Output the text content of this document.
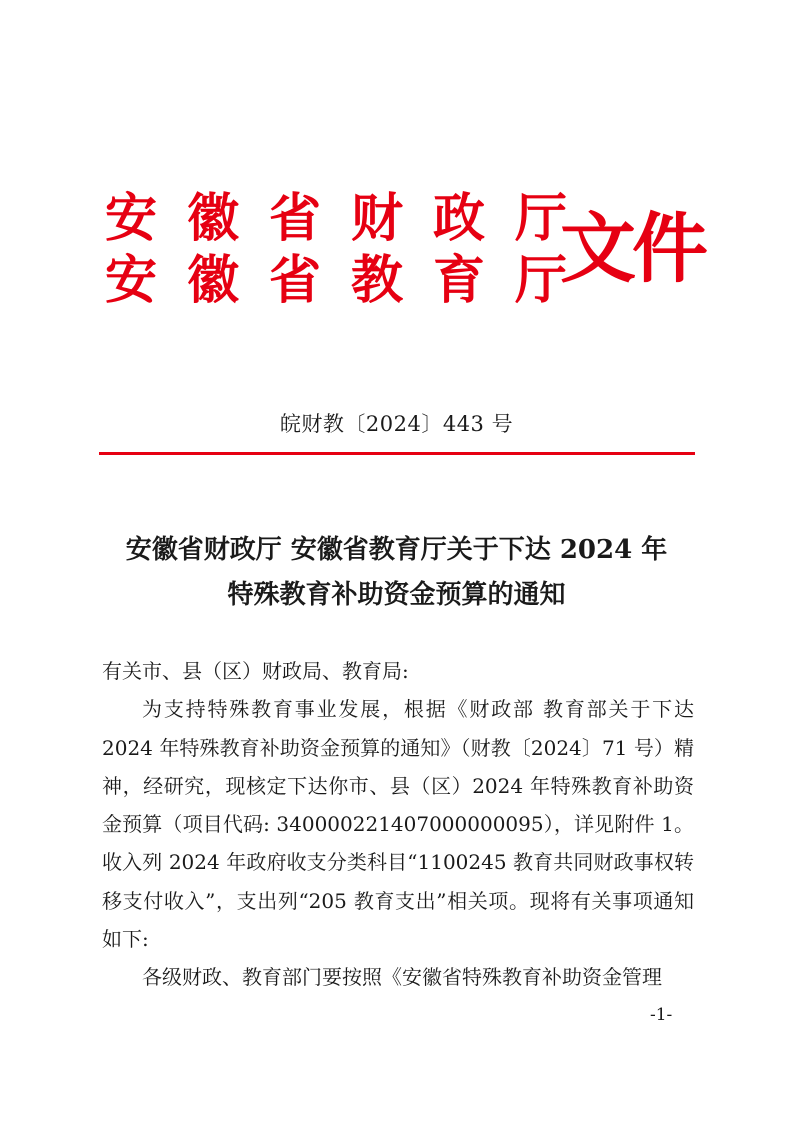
安徽省财政厅
安徽省教育厅
文件
皖财教〔2024〕443 号
安徽省财政厅 安徽省教育厅关于下达 2024 年
特殊教育补助资金预算的通知

有关市、县（区）财政局、教育局:

为支持特殊教育事业发展，根据《财政部 教育部关于下达 2024 年特殊教育补助资金预算的通知》（财教〔2024〕71 号）精神，经研究，现核定下达你市、县（区）2024 年特殊教育补助资金预算（项目代码: 340000221407000000095），详见附件 1。收入列 2024 年政府收支分类科目“1100245 教育共同财政事权转移支付收入”，支出列“205 教育支出”相关项。现将有关事项通知如下:

各级财政、教育部门要按照《安徽省特殊教育补助资金管理

-1-
